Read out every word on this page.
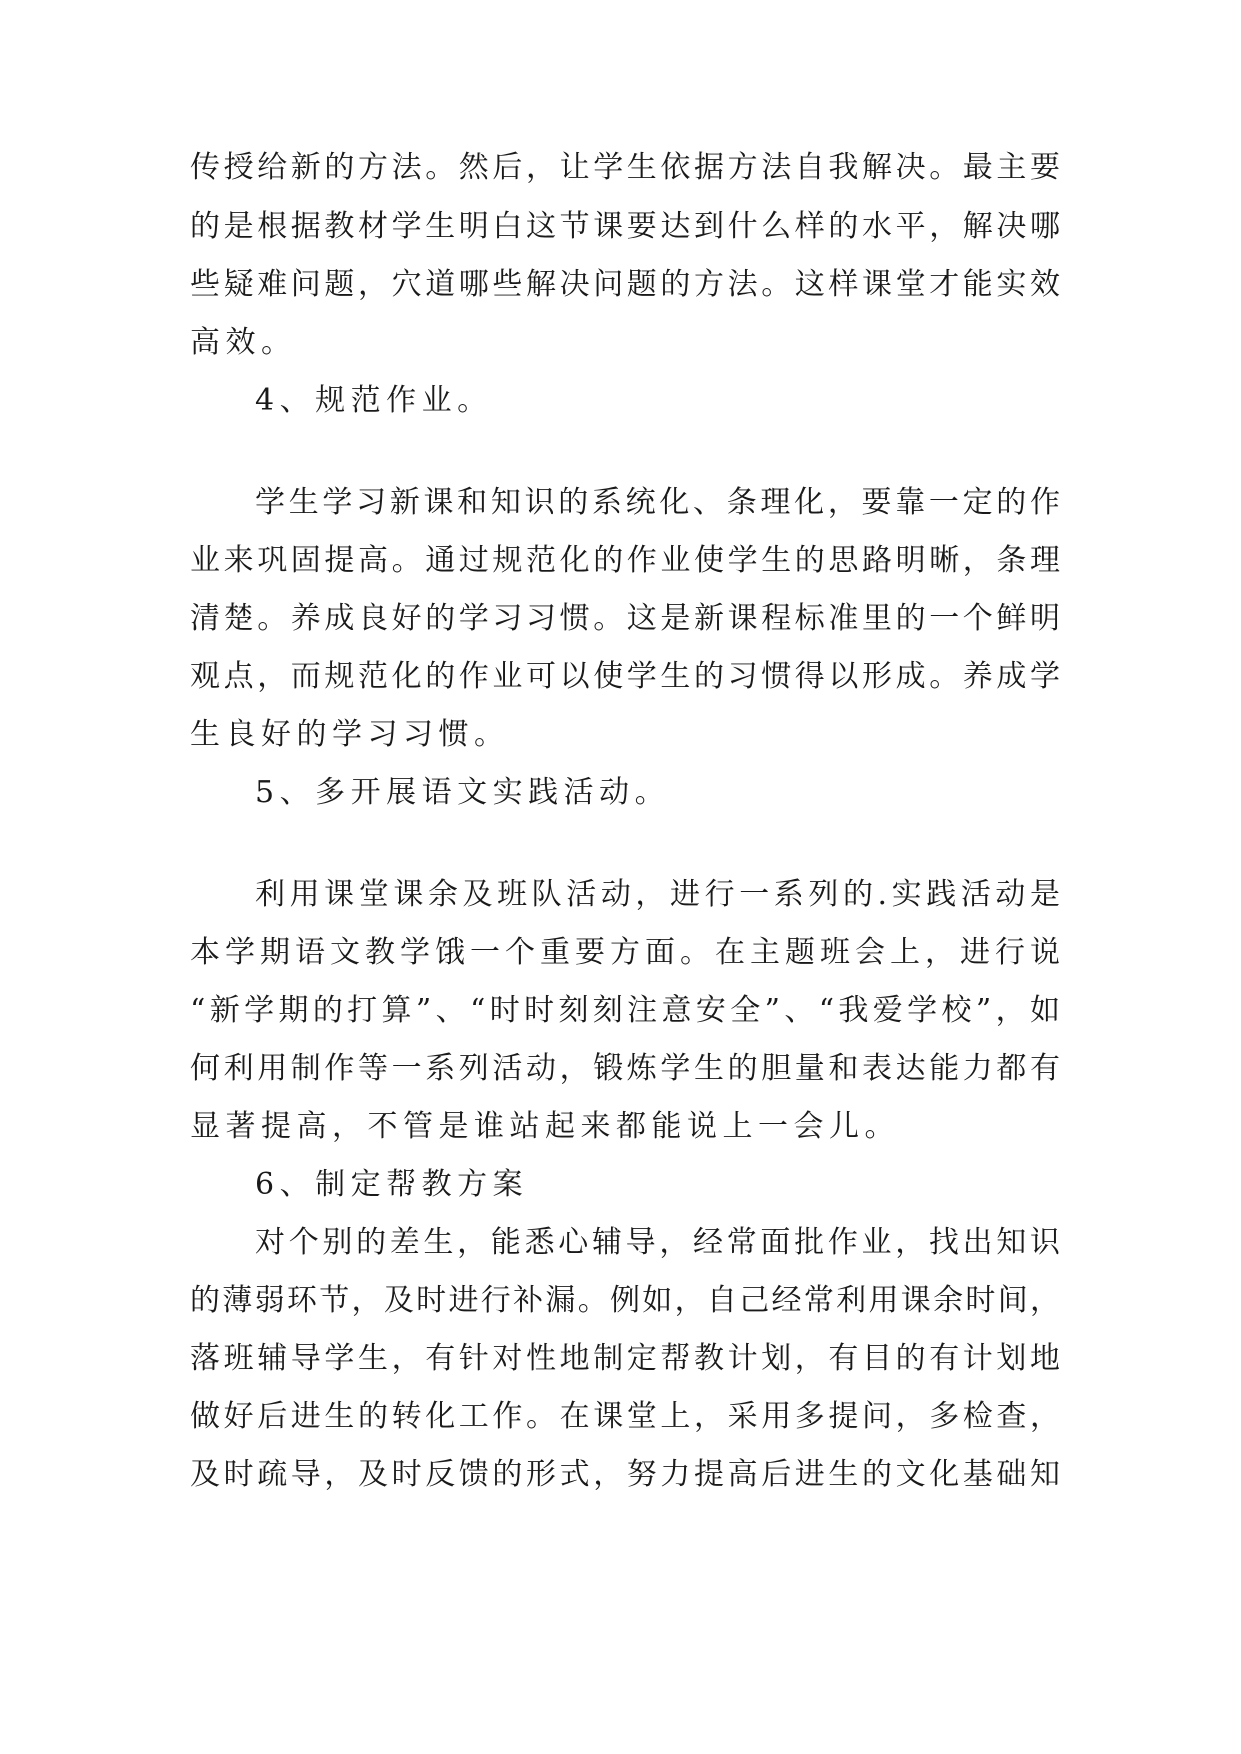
传授给新的方法。然后，让学生依据方法自我解决。最主要
的是根据教材学生明白这节课要达到什么样的水平，解决哪
些疑难问题，穴道哪些解决问题的方法。这样课堂才能实效
高效。
4、规范作业。
学生学习新课和知识的系统化、条理化，要靠一定的作
业来巩固提高。通过规范化的作业使学生的思路明晰，条理
清楚。养成良好的学习习惯。这是新课程标准里的一个鲜明
观点，而规范化的作业可以使学生的习惯得以形成。养成学
生良好的学习习惯。
5、多开展语文实践活动。
利用课堂课余及班队活动，进行一系列的.实践活动是
本学期语文教学饿一个重要方面。在主题班会上，进行说
“新学期的打算”、“时时刻刻注意安全”、“我爱学校”，如
何利用制作等一系列活动，锻炼学生的胆量和表达能力都有
显著提高，不管是谁站起来都能说上一会儿。
6、制定帮教方案
对个别的差生，能悉心辅导，经常面批作业，找出知识
的薄弱环节，及时进行补漏。例如，自己经常利用课余时间，
落班辅导学生，有针对性地制定帮教计划，有目的有计划地
做好后进生的转化工作。在课堂上，采用多提问，多检查，
及时疏导，及时反馈的形式，努力提高后进生的文化基础知
